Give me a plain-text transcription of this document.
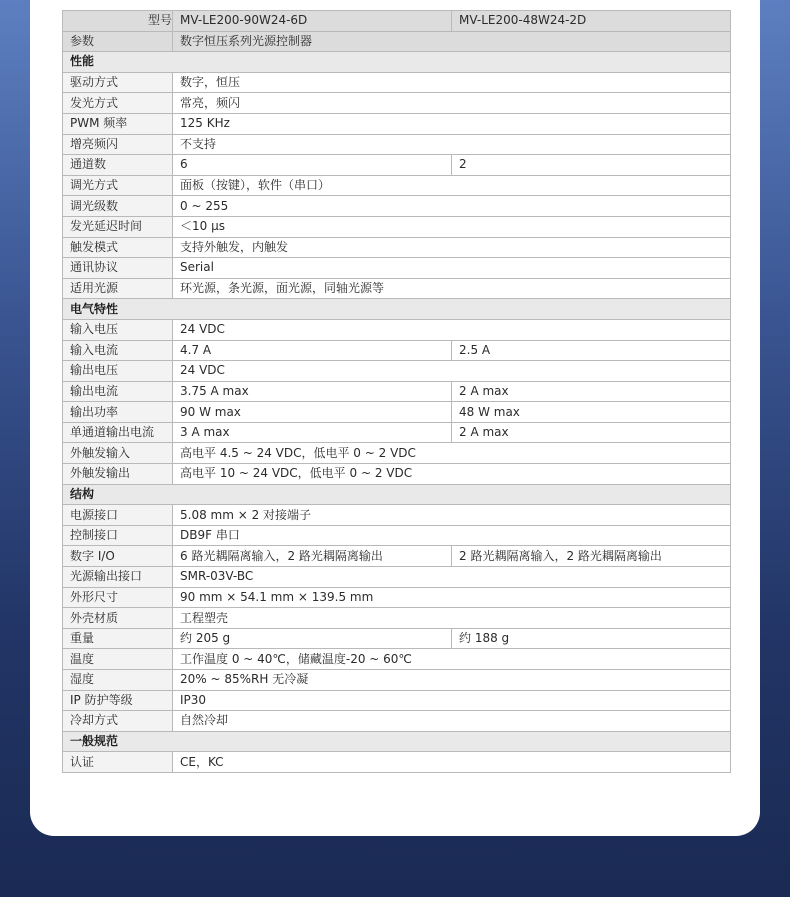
型号	MV-LE200-90W24-6D	MV-LE200-48W24-2D
参数	数字恒压系列光源控制器	
性能		
驱动方式	数字，恒压	
发光方式	常亮，频闪	
PWM 频率	125 KHz	
增亮频闪	不支持	
通道数	6	2
调光方式	面板（按键），软件（串口）	
调光级数	0 ~ 255	
发光延迟时间	＜10 μs	
触发模式	支持外触发，内触发	
通讯协议	Serial	
适用光源	环光源，条光源，面光源，同轴光源等	
电气特性		
输入电压	24 VDC	
输入电流	4.7 A	2.5 A
输出电压	24 VDC	
输出电流	3.75 A max	2 A max
输出功率	90 W max	48 W max
单通道输出电流	3 A max	2 A max
外触发输入	高电平 4.5 ~ 24 VDC，低电平 0 ~ 2 VDC	
外触发输出	高电平 10 ~ 24 VDC，低电平 0 ~ 2 VDC	
结构		
电源接口	5.08 mm × 2 对接端子	
控制接口	DB9F 串口	
数字 I/O	6 路光耦隔离输入，2 路光耦隔离输出	2 路光耦隔离输入，2 路光耦隔离输出
光源输出接口	SMR-03V-BC	
外形尺寸	90 mm × 54.1 mm × 139.5 mm	
外壳材质	工程塑壳	
重量	约 205 g	约 188 g
温度	工作温度 0 ~ 40℃，储藏温度-20 ~ 60℃	
湿度	20% ~ 85%RH 无冷凝	
IP 防护等级	IP30	
冷却方式	自然冷却	
一般规范		
认证	CE，KC	
